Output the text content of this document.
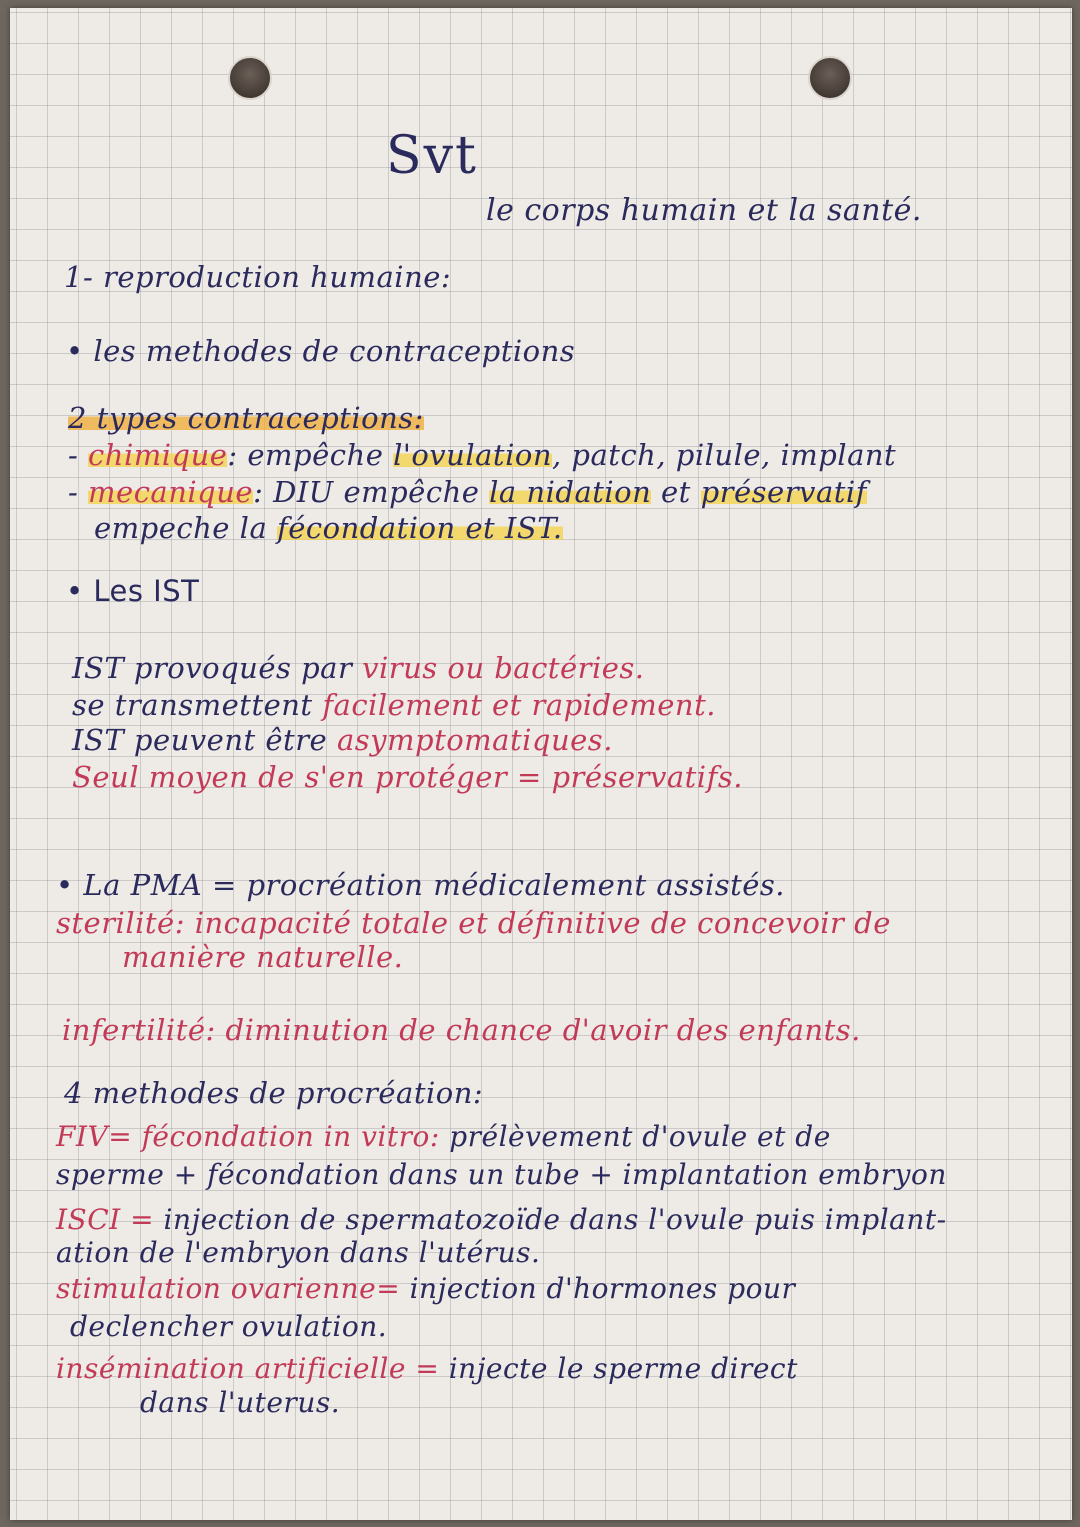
Svt
le corps humain et la santé.
1- reproduction humaine:
• les methodes de contraceptions
2 types contraceptions:
- chimique: empêche l'ovulation, patch, pilule, implant
- mecanique: DIU empêche la nidation et préservatif
empeche la fécondation et IST.
• Les IST
IST provoqués par virus ou bactéries.
se transmettent facilement et rapidement.
IST peuvent être asymptomatiques.
Seul moyen de s'en protéger = préservatifs.
• La PMA = procréation médicalement assistés.
sterilité: incapacité totale et définitive de concevoir de
manière naturelle.
infertilité: diminution de chance d'avoir des enfants.
4 methodes de procréation:
FIV= fécondation in vitro: prélèvement d'ovule et de
sperme + fécondation dans un tube + implantation embryon
ISCI = injection de spermatozoïde dans l'ovule puis implant-
ation de l'embryon dans l'utérus.
stimulation ovarienne= injection d'hormones pour
declencher ovulation.
insémination artificielle = injecte le sperme direct
dans l'uterus.
